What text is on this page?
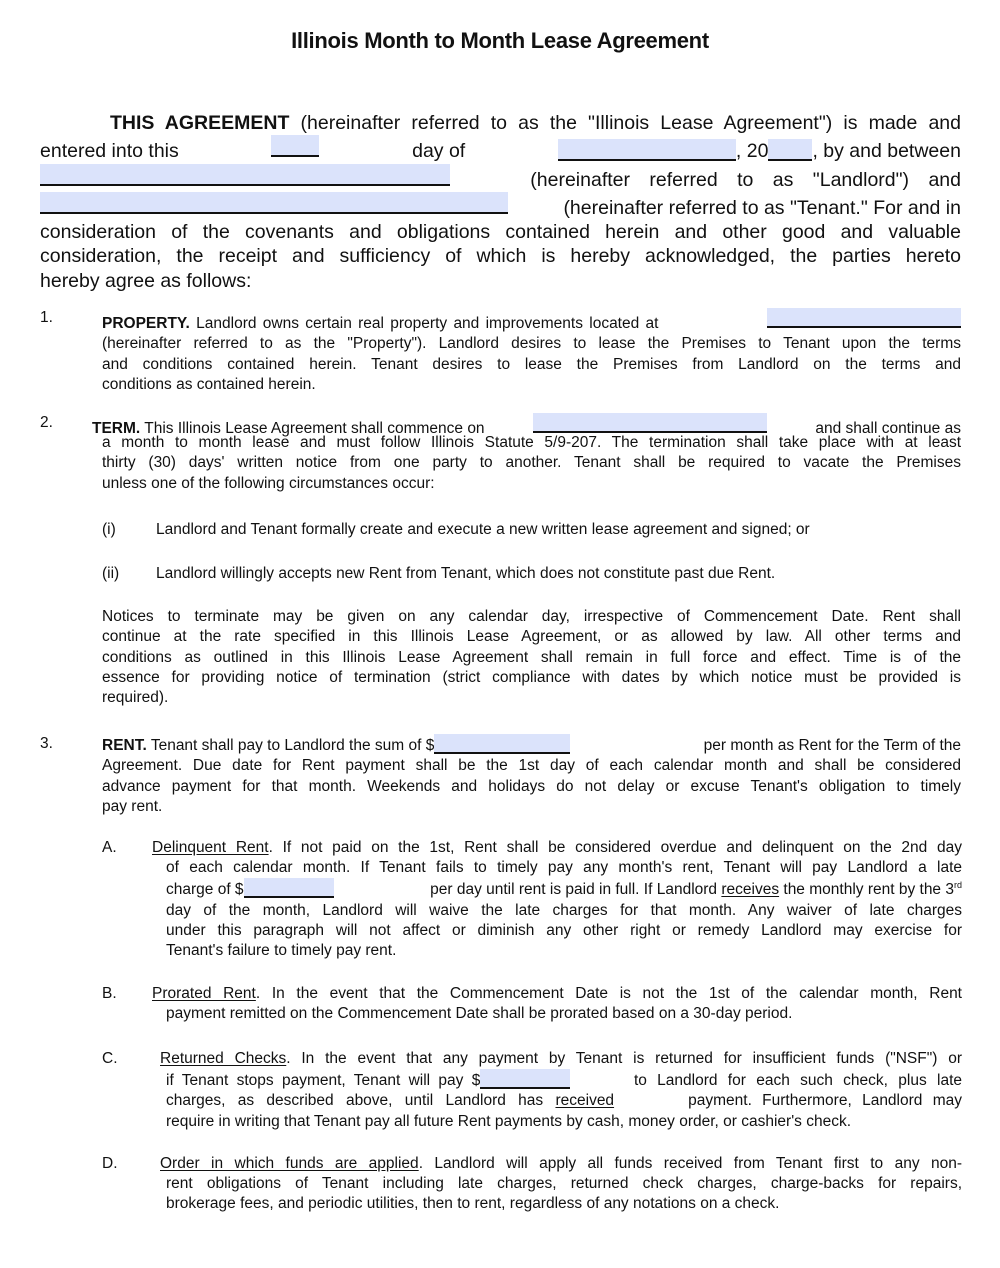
Illinois Month to Month Lease Agreement
THIS AGREEMENT (hereinafter referred to as the "Illinois Lease Agreement") is made and
entered into this	day of	, 20 , by and between
(hereinafter referred to as "Landlord") and
(hereinafter referred to as "Tenant." For and in
consideration of the covenants and obligations contained herein and other good and valuable
consideration, the receipt and sufficiency of which is hereby acknowledged, the parties hereto
hereby agree as follows:
1.	PROPERTY. Landlord owns certain real property and improvements located at
(hereinafter referred to as the "Property"). Landlord desires to lease the Premises to Tenant upon the terms
and conditions contained herein. Tenant desires to lease the Premises from Landlord on the terms and
conditions as contained herein.
2.	TERM. This Illinois Lease Agreement shall commence on	and shall continue as
a month to month lease and must follow Illinois Statute 5/9-207. The termination shall take place with at least
thirty (30) days' written notice from one party to another. Tenant shall be required to vacate the Premises
unless one of the following circumstances occur:
(i)	Landlord and Tenant formally create and execute a new written lease agreement and signed; or
(ii) Landlord willingly accepts new Rent from Tenant, which does not constitute past due Rent.
Notices to terminate may be given on any calendar day, irrespective of Commencement Date. Rent shall
continue at the rate specified in this Illinois Lease Agreement, or as allowed by law. All other terms and
conditions as outlined in this Illinois Lease Agreement shall remain in full force and effect. Time is of the
essence for providing notice of termination (strict compliance with dates by which notice must be provided is
required).
3.	RENT. Tenant shall pay to Landlord the sum of $	per month as Rent for the Term of the
Agreement. Due date for Rent payment shall be the 1st day of each calendar month and shall be considered
advance payment for that month. Weekends and holidays do not delay or excuse Tenant's obligation to timely
pay rent.
A. Delinquent Rent. If not paid on the 1st, Rent shall be considered overdue and delinquent on the 2nd day
of each calendar month. If Tenant fails to timely pay any month's rent, Tenant will pay Landlord a late
charge of $	per day until rent is paid in full. If Landlord receives the monthly rent by the 3rd
day of the month, Landlord will waive the late charges for that month. Any waiver of late charges
under this paragraph will not affect or diminish any other right or remedy Landlord may exercise for
Tenant's failure to timely pay rent.
B. Prorated Rent. In the event that the Commencement Date is not the 1st of the calendar month, Rent
payment remitted on the Commencement Date shall be prorated based on a 30-day period.
C.	Returned Checks. In the event that any payment by Tenant is returned for insufficient funds ("NSF") or
if Tenant stops payment, Tenant will pay $	to Landlord for each such check, plus late
charges, as described above, until Landlord has received	payment. Furthermore, Landlord may
require in writing that Tenant pay all future Rent payments by cash, money order, or cashier's check.
D.	Order in which funds are applied. Landlord will apply all funds received from Tenant first to any non-
rent obligations of Tenant including late charges, returned check charges, charge-backs for repairs,
brokerage fees, and periodic utilities, then to rent, regardless of any notations on a check.
